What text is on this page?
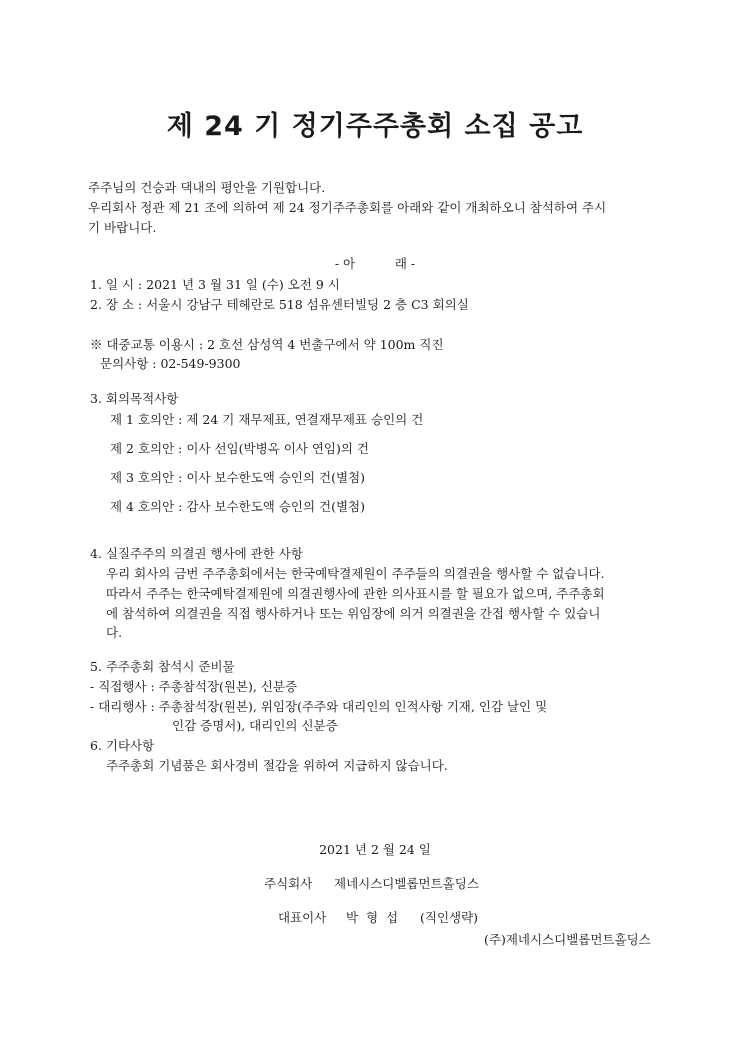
제 24 기 정기주주총회 소집 공고
주주님의 건승과 댁내의 평안을 기원합니다.
우리회사 정관 제 21 조에 의하여 제 24 정기주주총회를 아래와 같이 개최하오니 참석하여 주시
기 바랍니다.
- 아          래 -
1. 일 시 : 2021 년 3 월 31 일 (수) 오전 9 시
2. 장 소 : 서울시 강남구 테헤란로 518 섬유센터빌딩 2 층 C3 회의실
※ 대중교통 이용시 : 2 호선 삼성역 4 번출구에서 약 100m 직진
문의사항 : 02-549-9300
3. 회의목적사항
제 1 호의안 : 제 24 기 재무제표, 연결재무제표 승인의 건
제 2 호의안 : 이사 선임(박병옥 이사 연임)의 건
제 3 호의안 : 이사 보수한도액 승인의 건(별첨)
제 4 호의안 : 감사 보수한도액 승인의 건(별첨)
4. 실질주주의 의결권 행사에 관한 사항
우리 회사의 금번 주주총회에서는 한국예탁결제원이 주주들의 의결권을 행사할 수 없습니다.
따라서 주주는 한국예탁결제원에 의결권행사에 관한 의사표시를 할 필요가 없으며, 주주총회
에 참석하여 의결권을 직접 행사하거나 또는 위임장에 의거 의결권을 간접 행사할 수 있습니
다.
5. 주주총회 참석시 준비물
- 직접행사 : 주총참석장(원본), 신분증
- 대리행사 : 주총참석장(원본), 위임장(주주와 대리인의 인적사항 기재, 인감 날인 및
인감 증명서), 대리인의 신분증
6. 기타사항
주주총회 기념품은 회사경비 절감을 위하여 지급하지 않습니다.
2021 년 2 월 24 일
주식회사 제네시스디벨롭먼트홀딩스
대표이사 박  형  섭 (직인생략)
(주)제네시스디벨롭먼트홀딩스
